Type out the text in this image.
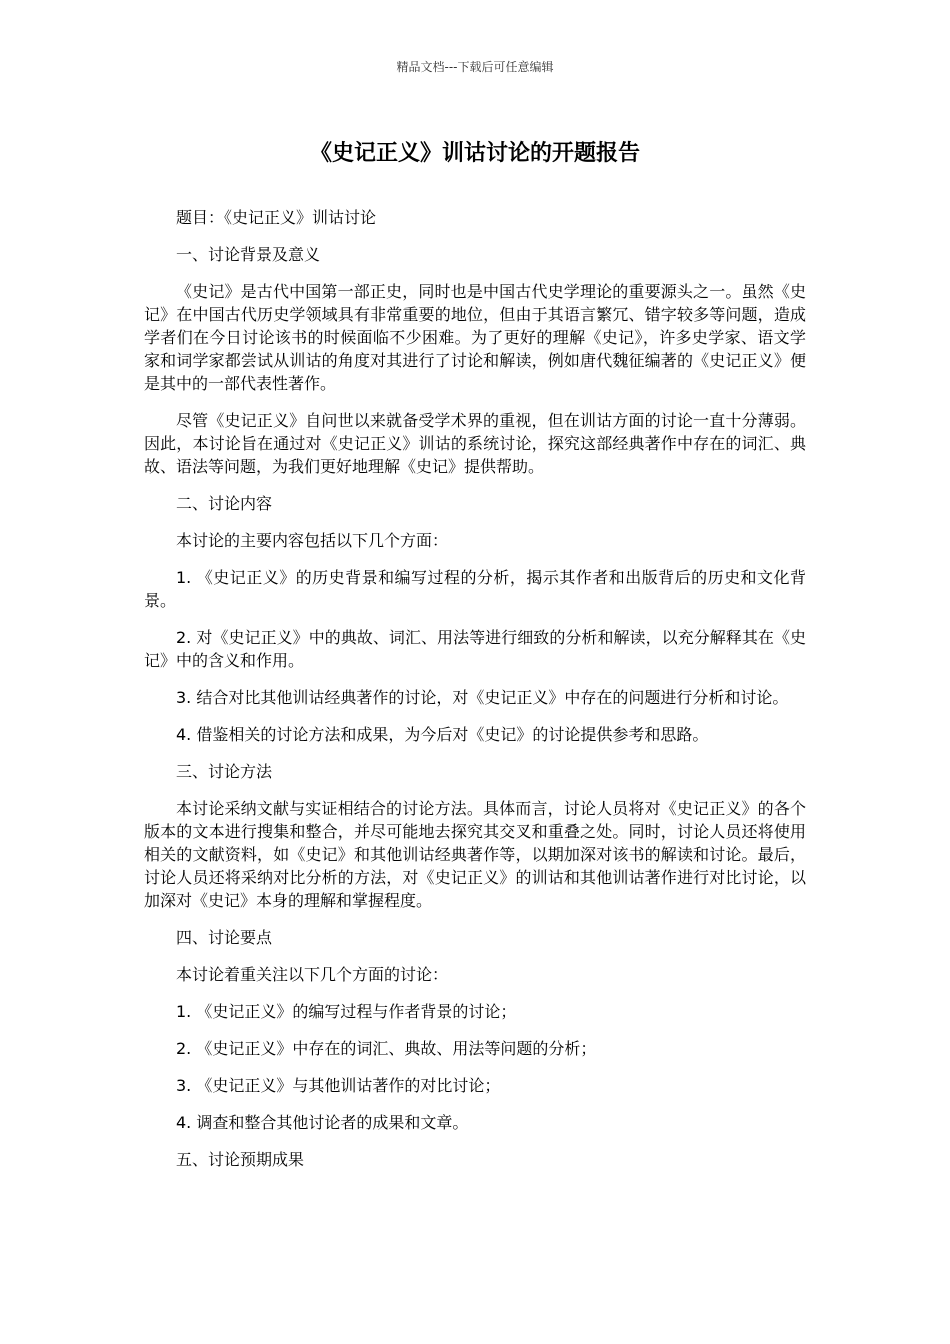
精品文档---下载后可任意编辑
《史记正义》训诂讨论的开题报告

题目：《史记正义》训诂讨论

一、讨论背景及意义

《史记》是古代中国第一部正史，同时也是中国古代史学理论的重要源头之一。虽然《史记》在中国古代历史学领域具有非常重要的地位，但由于其语言繁冗、错字较多等问题，造成学者们在今日讨论该书的时候面临不少困难。为了更好的理解《史记》，许多史学家、语文学家和词学家都尝试从训诂的角度对其进行了讨论和解读，例如唐代魏征编著的《史记正义》便是其中的一部代表性著作。

尽管《史记正义》自问世以来就备受学术界的重视，但在训诂方面的讨论一直十分薄弱。因此，本讨论旨在通过对《史记正义》训诂的系统讨论，探究这部经典著作中存在的词汇、典故、语法等问题，为我们更好地理解《史记》提供帮助。

二、讨论内容

本讨论的主要内容包括以下几个方面：

1. 《史记正义》的历史背景和编写过程的分析，揭示其作者和出版背后的历史和文化背景。

2. 对《史记正义》中的典故、词汇、用法等进行细致的分析和解读，以充分解释其在《史记》中的含义和作用。

3. 结合对比其他训诂经典著作的讨论，对《史记正义》中存在的问题进行分析和讨论。

4. 借鉴相关的讨论方法和成果，为今后对《史记》的讨论提供参考和思路。

三、讨论方法

本讨论采纳文献与实证相结合的讨论方法。具体而言，讨论人员将对《史记正义》的各个版本的文本进行搜集和整合，并尽可能地去探究其交叉和重叠之处。同时，讨论人员还将使用相关的文献资料，如《史记》和其他训诂经典著作等，以期加深对该书的解读和讨论。最后，讨论人员还将采纳对比分析的方法，对《史记正义》的训诂和其他训诂著作进行对比讨论，以加深对《史记》本身的理解和掌握程度。

四、讨论要点

本讨论着重关注以下几个方面的讨论：

1. 《史记正义》的编写过程与作者背景的讨论；

2. 《史记正义》中存在的词汇、典故、用法等问题的分析；

3. 《史记正义》与其他训诂著作的对比讨论；

4. 调查和整合其他讨论者的成果和文章。

五、讨论预期成果
